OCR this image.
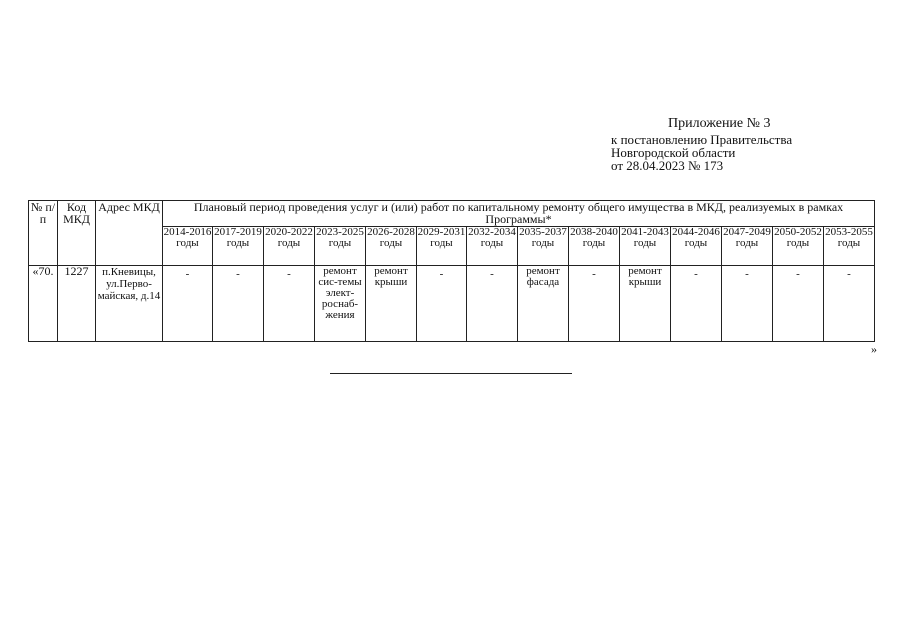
Приложение № 3
к постановлению Правительства
Новгородской области
от 28.04.2023 № 173
№ п/п	Код МКД	Адрес МКД	Плановый период проведения услуг и (или) работ по капитальному ремонту общего имущества в МКД, реализуемых в рамках Программы*													
			2014-2016 годы	2017-2019 годы	2020-2022 годы	2023-2025 годы	2026-2028 годы	2029-2031 годы	2032-2034 годы	2035-2037 годы	2038-2040 годы	2041-2043 годы	2044-2046 годы	2047-2049 годы	2050-2052 годы	2053-2055 годы
«70.	1227	п.Кневицы, ул.Перво-майская, д.14	-	-	-	ремонт сис-темы элект-роснаб-жения	ремонт крыши	-	-	ремонт фасада	-	ремонт крыши	-	-	-	-
»
